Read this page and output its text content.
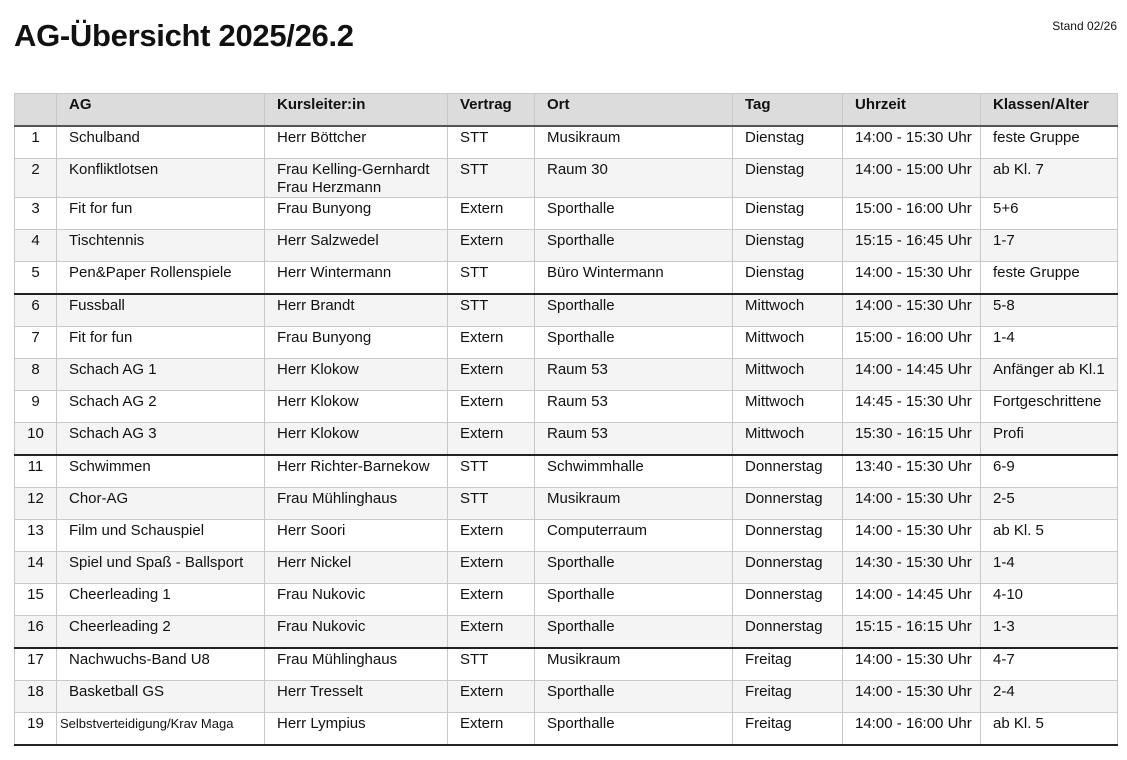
AG-Übersicht 2025/26.2	Stand 02/26
	AG	Kursleiter:in	Vertrag	Ort	Tag	Uhrzeit	Klassen/Alter
1	Schulband	Herr Böttcher	STT	Musikraum	Dienstag	14:00 - 15:30 Uhr	feste Gruppe
2	Konfliktlotsen	Frau Kelling-Gernhardt
Frau Herzmann	STT	Raum 30	Dienstag	14:00 - 15:00 Uhr	ab Kl. 7
3	Fit for fun	Frau Bunyong	Extern	Sporthalle	Dienstag	15:00 - 16:00 Uhr	5+6
4	Tischtennis	Herr Salzwedel	Extern	Sporthalle	Dienstag	15:15 - 16:45 Uhr	1-7
5	Pen&Paper Rollenspiele	Herr Wintermann	STT	Büro Wintermann	Dienstag	14:00 - 15:30 Uhr	feste Gruppe
6	Fussball	Herr Brandt	STT	Sporthalle	Mittwoch	14:00 - 15:30 Uhr	5-8
7	Fit for fun	Frau Bunyong	Extern	Sporthalle	Mittwoch	15:00 - 16:00 Uhr	1-4
8	Schach AG 1	Herr Klokow	Extern	Raum 53	Mittwoch	14:00 - 14:45 Uhr	Anfänger ab Kl.1
9	Schach AG 2	Herr Klokow	Extern	Raum 53	Mittwoch	14:45 - 15:30 Uhr	Fortgeschrittene
10	Schach AG 3	Herr Klokow	Extern	Raum 53	Mittwoch	15:30 - 16:15 Uhr	Profi
11	Schwimmen	Herr Richter-Barnekow	STT	Schwimmhalle	Donnerstag	13:40 - 15:30 Uhr	6-9
12	Chor-AG	Frau Mühlinghaus	STT	Musikraum	Donnerstag	14:00 - 15:30 Uhr	2-5
13	Film und Schauspiel	Herr Soori	Extern	Computerraum	Donnerstag	14:00 - 15:30 Uhr	ab Kl. 5
14	Spiel und Spaß - Ballsport	Herr Nickel	Extern	Sporthalle	Donnerstag	14:30 - 15:30 Uhr	1-4
15	Cheerleading 1	Frau Nukovic	Extern	Sporthalle	Donnerstag	14:00 - 14:45 Uhr	4-10
16	Cheerleading 2	Frau Nukovic	Extern	Sporthalle	Donnerstag	15:15 - 16:15 Uhr	1-3
17	Nachwuchs-Band U8	Frau Mühlinghaus	STT	Musikraum	Freitag	14:00 - 15:30 Uhr	4-7
18	Basketball GS	Herr Tresselt	Extern	Sporthalle	Freitag	14:00 - 15:30 Uhr	2-4
19	Selbstverteidigung/Krav Maga	Herr Lympius	Extern	Sporthalle	Freitag	14:00 - 16:00 Uhr	ab Kl. 5
